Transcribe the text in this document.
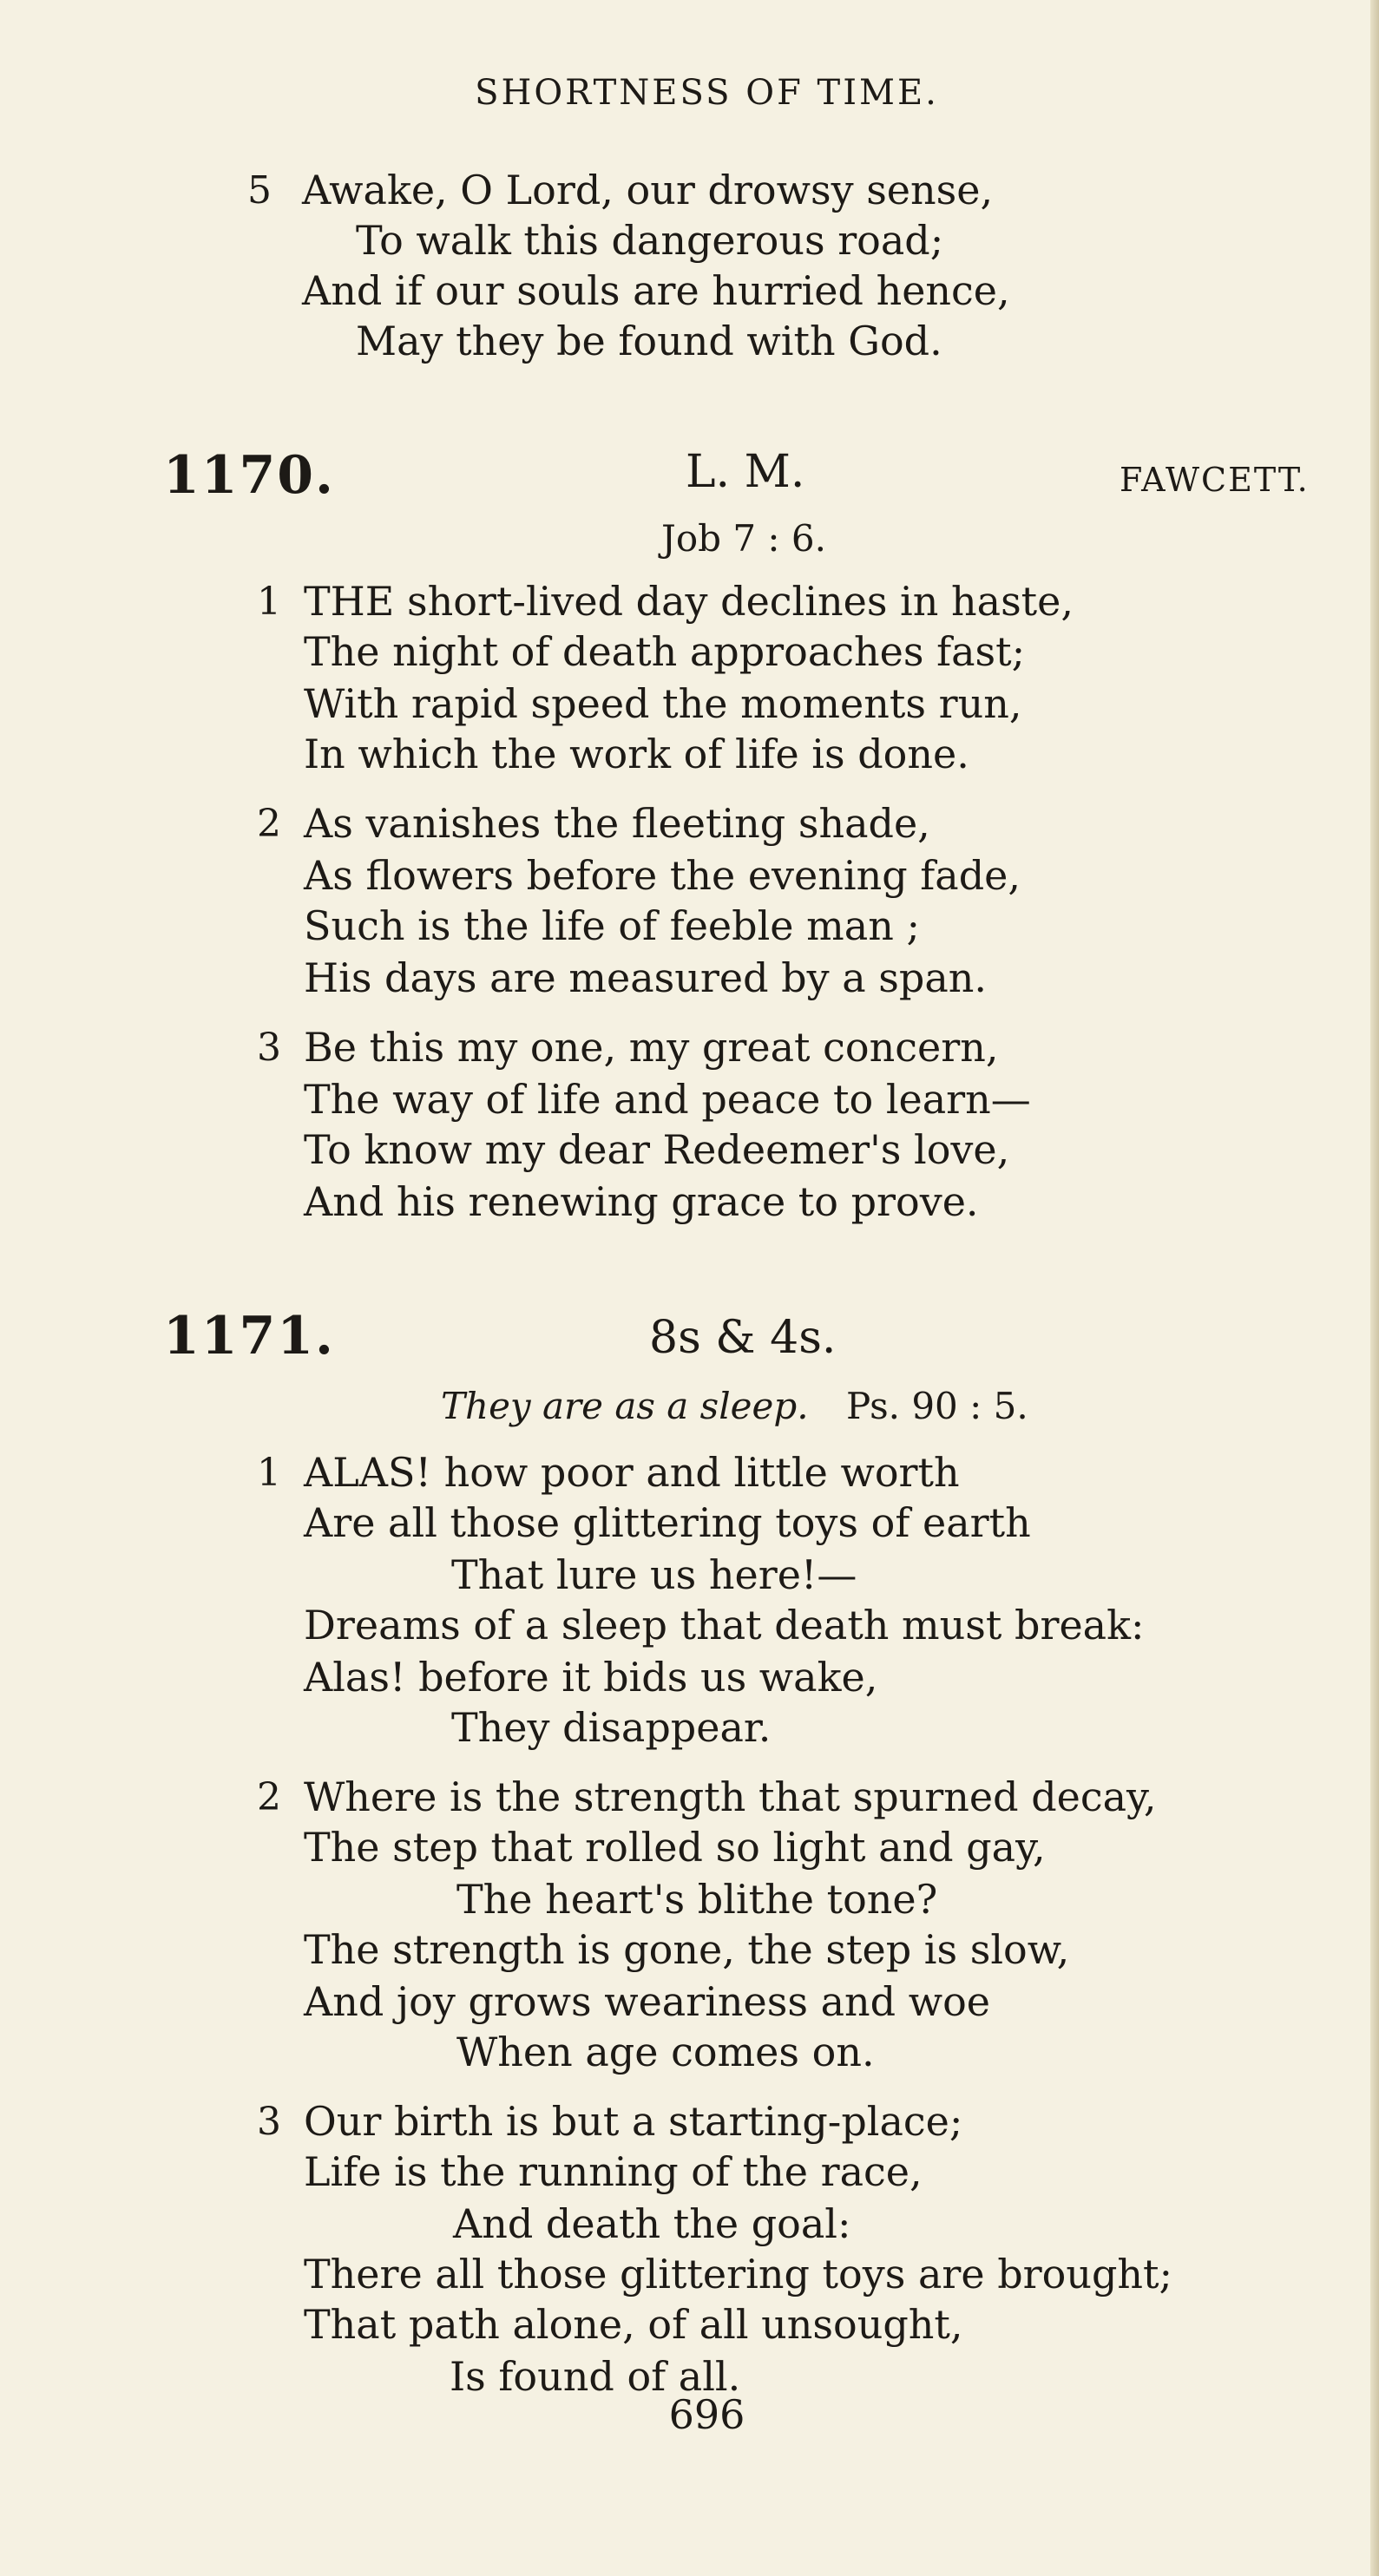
SHORTNESS OF TIME.
5 Awake, O Lord, our drowsy sense,
To walk this dangerous road;
And if our souls are hurried hence,
May they be found with God.
1170.	L. M.	FAWCETT.
Job 7 : 6.
1 THE short-lived day declines in haste,
The night of death approaches fast;
With rapid speed the moments run,
In which the work of life is done.
2 As vanishes the fleeting shade,
As flowers before the evening fade,
Such is the life of feeble man ;
His days are measured by a span.
3 Be this my one, my great concern,
The way of life and peace to learn—
To know my dear Redeemer's love,
And his renewing grace to prove.
1171.	8s & 4s.
They are as a sleep. Ps. 90 : 5.
1 ALAS! how poor and little worth
Are all those glittering toys of earth
That lure us here!—
Dreams of a sleep that death must break:
Alas! before it bids us wake,
They disappear.
2 Where is the strength that spurned decay,
The step that rolled so light and gay,
The heart's blithe tone?
The strength is gone, the step is slow,
And joy grows weariness and woe
When age comes on.
3 Our birth is but a starting-place;
Life is the running of the race,
And death the goal:
There all those glittering toys are brought;
That path alone, of all unsought,
Is found of all.
696
